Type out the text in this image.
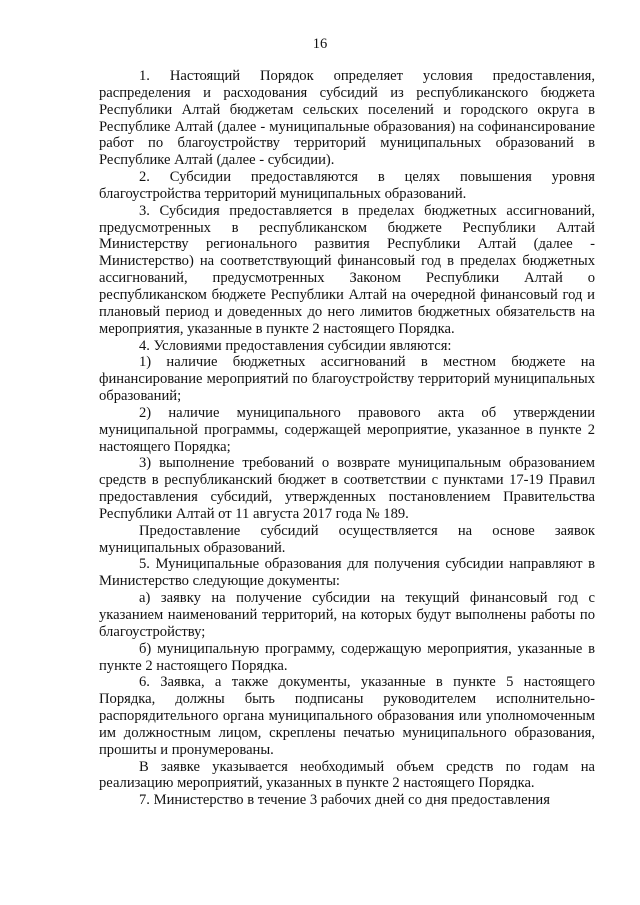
16

1. Настоящий Порядок определяет условия предоставления, распределения и расходования субсидий из республиканского бюджета Республики Алтай бюджетам сельских поселений и городского округа в Республике Алтай (далее - муниципальные образования) на софинансирование работ по благоустройству территорий муниципальных образований в Республике Алтай (далее - субсидии).

2. Субсидии предоставляются в целях повышения уровня благоустройства территорий муниципальных образований.

3. Субсидия предоставляется в пределах бюджетных ассигнований, предусмотренных в республиканском бюджете Республики Алтай Министерству регионального развития Республики Алтай (далее - Министерство) на соответствующий финансовый год в пределах бюджетных ассигнований, предусмотренных Законом Республики Алтай о республиканском бюджете Республики Алтай на очередной финансовый год и плановый период и доведенных до него лимитов бюджетных обязательств на мероприятия, указанные в пункте 2 настоящего Порядка.

4. Условиями предоставления субсидии являются:

1) наличие бюджетных ассигнований в местном бюджете на финансирование мероприятий по благоустройству территорий муниципальных образований;

2) наличие муниципального правового акта об утверждении муниципальной программы, содержащей мероприятие, указанное в пункте 2 настоящего Порядка;

3) выполнение требований о возврате муниципальным образованием средств в республиканский бюджет в соответствии с пунктами 17-19 Правил предоставления субсидий, утвержденных постановлением Правительства Республики Алтай от 11 августа 2017 года № 189.

Предоставление субсидий осуществляется на основе заявок муниципальных образований.

5. Муниципальные образования для получения субсидии направляют в Министерство следующие документы:

а) заявку на получение субсидии на текущий финансовый год с указанием наименований территорий, на которых будут выполнены работы по благоустройству;

б) муниципальную программу, содержащую мероприятия, указанные в пункте 2 настоящего Порядка.

6. Заявка, а также документы, указанные в пункте 5 настоящего Порядка, должны быть подписаны руководителем исполнительно-распорядительного органа муниципального образования или уполномоченным им должностным лицом, скреплены печатью муниципального образования, прошиты и пронумерованы.

В заявке указывается необходимый объем средств по годам на реализацию мероприятий, указанных в пункте 2 настоящего Порядка.

7. Министерство в течение 3 рабочих дней со дня предоставления
